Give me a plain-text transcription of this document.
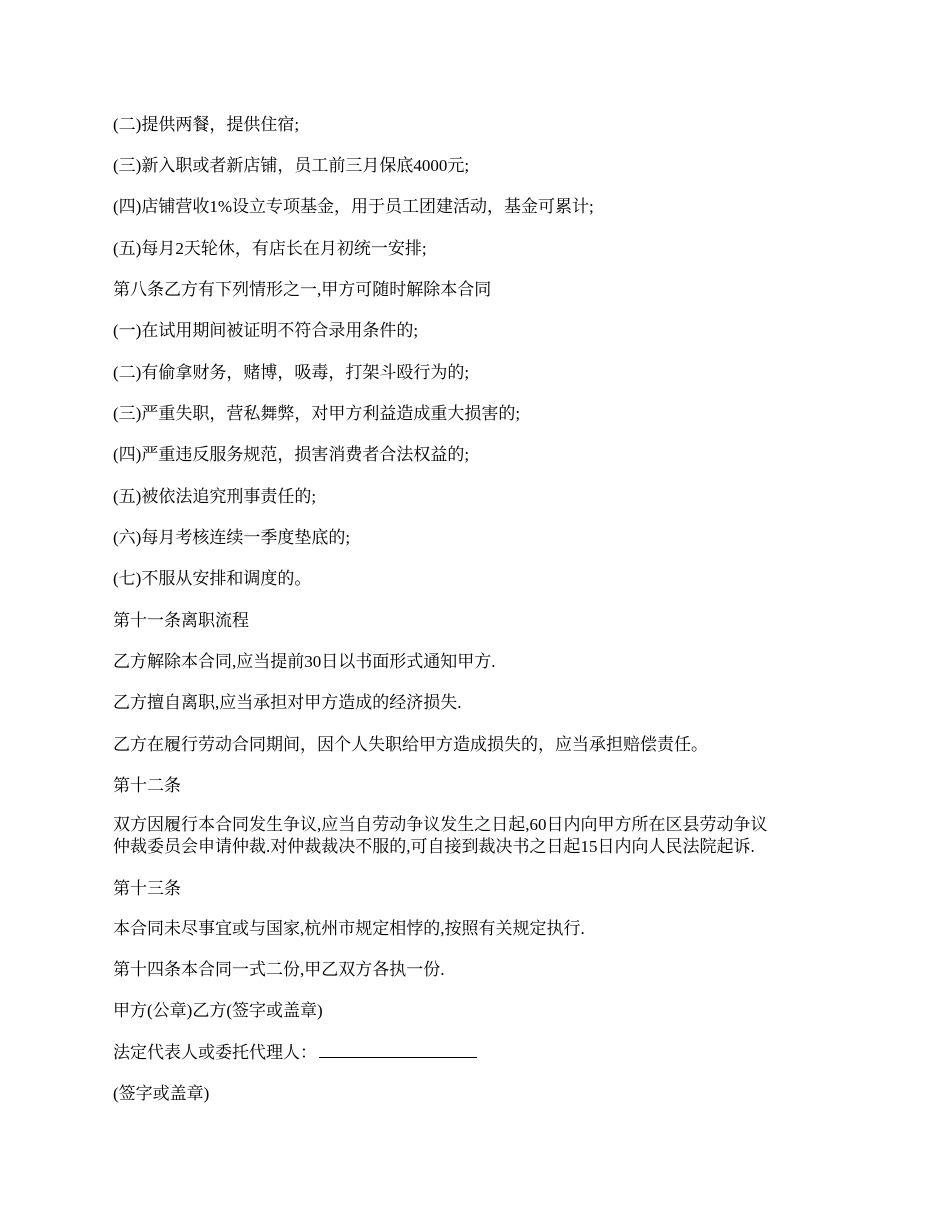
(二)提供两餐，提供住宿;
(三)新入职或者新店铺，员工前三月保底4000元;
(四)店铺营收1%设立专项基金，用于员工团建活动，基金可累计;
(五)每月2天轮休，有店长在月初统一安排;
第八条乙方有下列情形之一,甲方可随时解除本合同
(一)在试用期间被证明不符合录用条件的;
(二)有偷拿财务，赌博，吸毒，打架斗殴行为的;
(三)严重失职，营私舞弊，对甲方利益造成重大损害的;
(四)严重违反服务规范，损害消费者合法权益的;
(五)被依法追究刑事责任的;
(六)每月考核连续一季度垫底的;
(七)不服从安排和调度的。
第十一条离职流程
乙方解除本合同,应当提前30日以书面形式通知甲方.
乙方擅自离职,应当承担对甲方造成的经济损失.
乙方在履行劳动合同期间，因个人失职给甲方造成损失的，应当承担赔偿责任。
第十二条
双方因履行本合同发生争议,应当自劳动争议发生之日起,60日内向甲方所在区县劳动争议
仲裁委员会申请仲裁.对仲裁裁决不服的,可自接到裁决书之日起15日内向人民法院起诉.
第十三条
本合同未尽事宜或与国家,杭州市规定相悖的,按照有关规定执行.
第十四条本合同一式二份,甲乙双方各执一份.
甲方(公章)乙方(签字或盖章)
法定代表人或委托代理人：
(签字或盖章)
